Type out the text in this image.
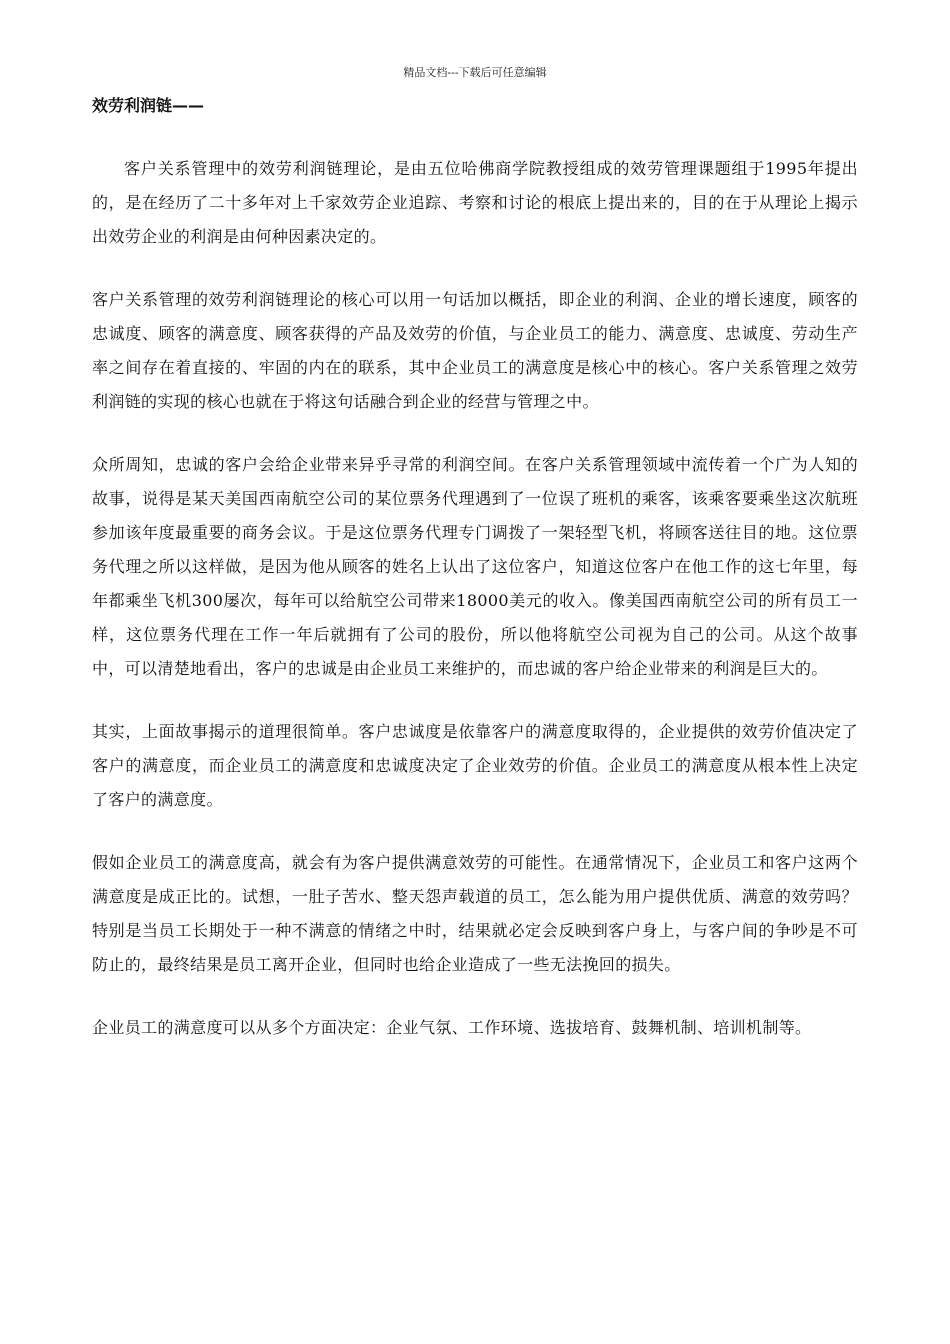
精品文档---下载后可任意编辑
效劳利润链——

客户关系管理中的效劳利润链理论，是由五位哈佛商学院教授组成的效劳管理课题组于1995年提出的，是在经历了二十多年对上千家效劳企业追踪、考察和讨论的根底上提出来的，目的在于从理论上揭示出效劳企业的利润是由何种因素决定的。

客户关系管理的效劳利润链理论的核心可以用一句话加以概括，即企业的利润、企业的增长速度，顾客的忠诚度、顾客的满意度、顾客获得的产品及效劳的价值，与企业员工的能力、满意度、忠诚度、劳动生产率之间存在着直接的、牢固的内在的联系，其中企业员工的满意度是核心中的核心。客户关系管理之效劳利润链的实现的核心也就在于将这句话融合到企业的经营与管理之中。

众所周知，忠诚的客户会给企业带来异乎寻常的利润空间。在客户关系管理领域中流传着一个广为人知的故事，说得是某天美国西南航空公司的某位票务代理遇到了一位误了班机的乘客，该乘客要乘坐这次航班参加该年度最重要的商务会议。于是这位票务代理专门调拨了一架轻型飞机，将顾客送往目的地。这位票务代理之所以这样做，是因为他从顾客的姓名上认出了这位客户，知道这位客户在他工作的这七年里，每年都乘坐飞机300屡次，每年可以给航空公司带来18000美元的收入。像美国西南航空公司的所有员工一样，这位票务代理在工作一年后就拥有了公司的股份，所以他将航空公司视为自己的公司。从这个故事中，可以清楚地看出，客户的忠诚是由企业员工来维护的，而忠诚的客户给企业带来的利润是巨大的。

其实，上面故事揭示的道理很简单。客户忠诚度是依靠客户的满意度取得的，企业提供的效劳价值决定了客户的满意度，而企业员工的满意度和忠诚度决定了企业效劳的价值。企业员工的满意度从根本性上决定了客户的满意度。

假如企业员工的满意度高，就会有为客户提供满意效劳的可能性。在通常情况下，企业员工和客户这两个满意度是成正比的。试想，一肚子苦水、整天怨声载道的员工，怎么能为用户提供优质、满意的效劳吗？特别是当员工长期处于一种不满意的情绪之中时，结果就必定会反映到客户身上，与客户间的争吵是不可防止的，最终结果是员工离开企业，但同时也给企业造成了一些无法挽回的损失。

企业员工的满意度可以从多个方面决定：企业气氛、工作环境、选拔培育、鼓舞机制、培训机制等。
